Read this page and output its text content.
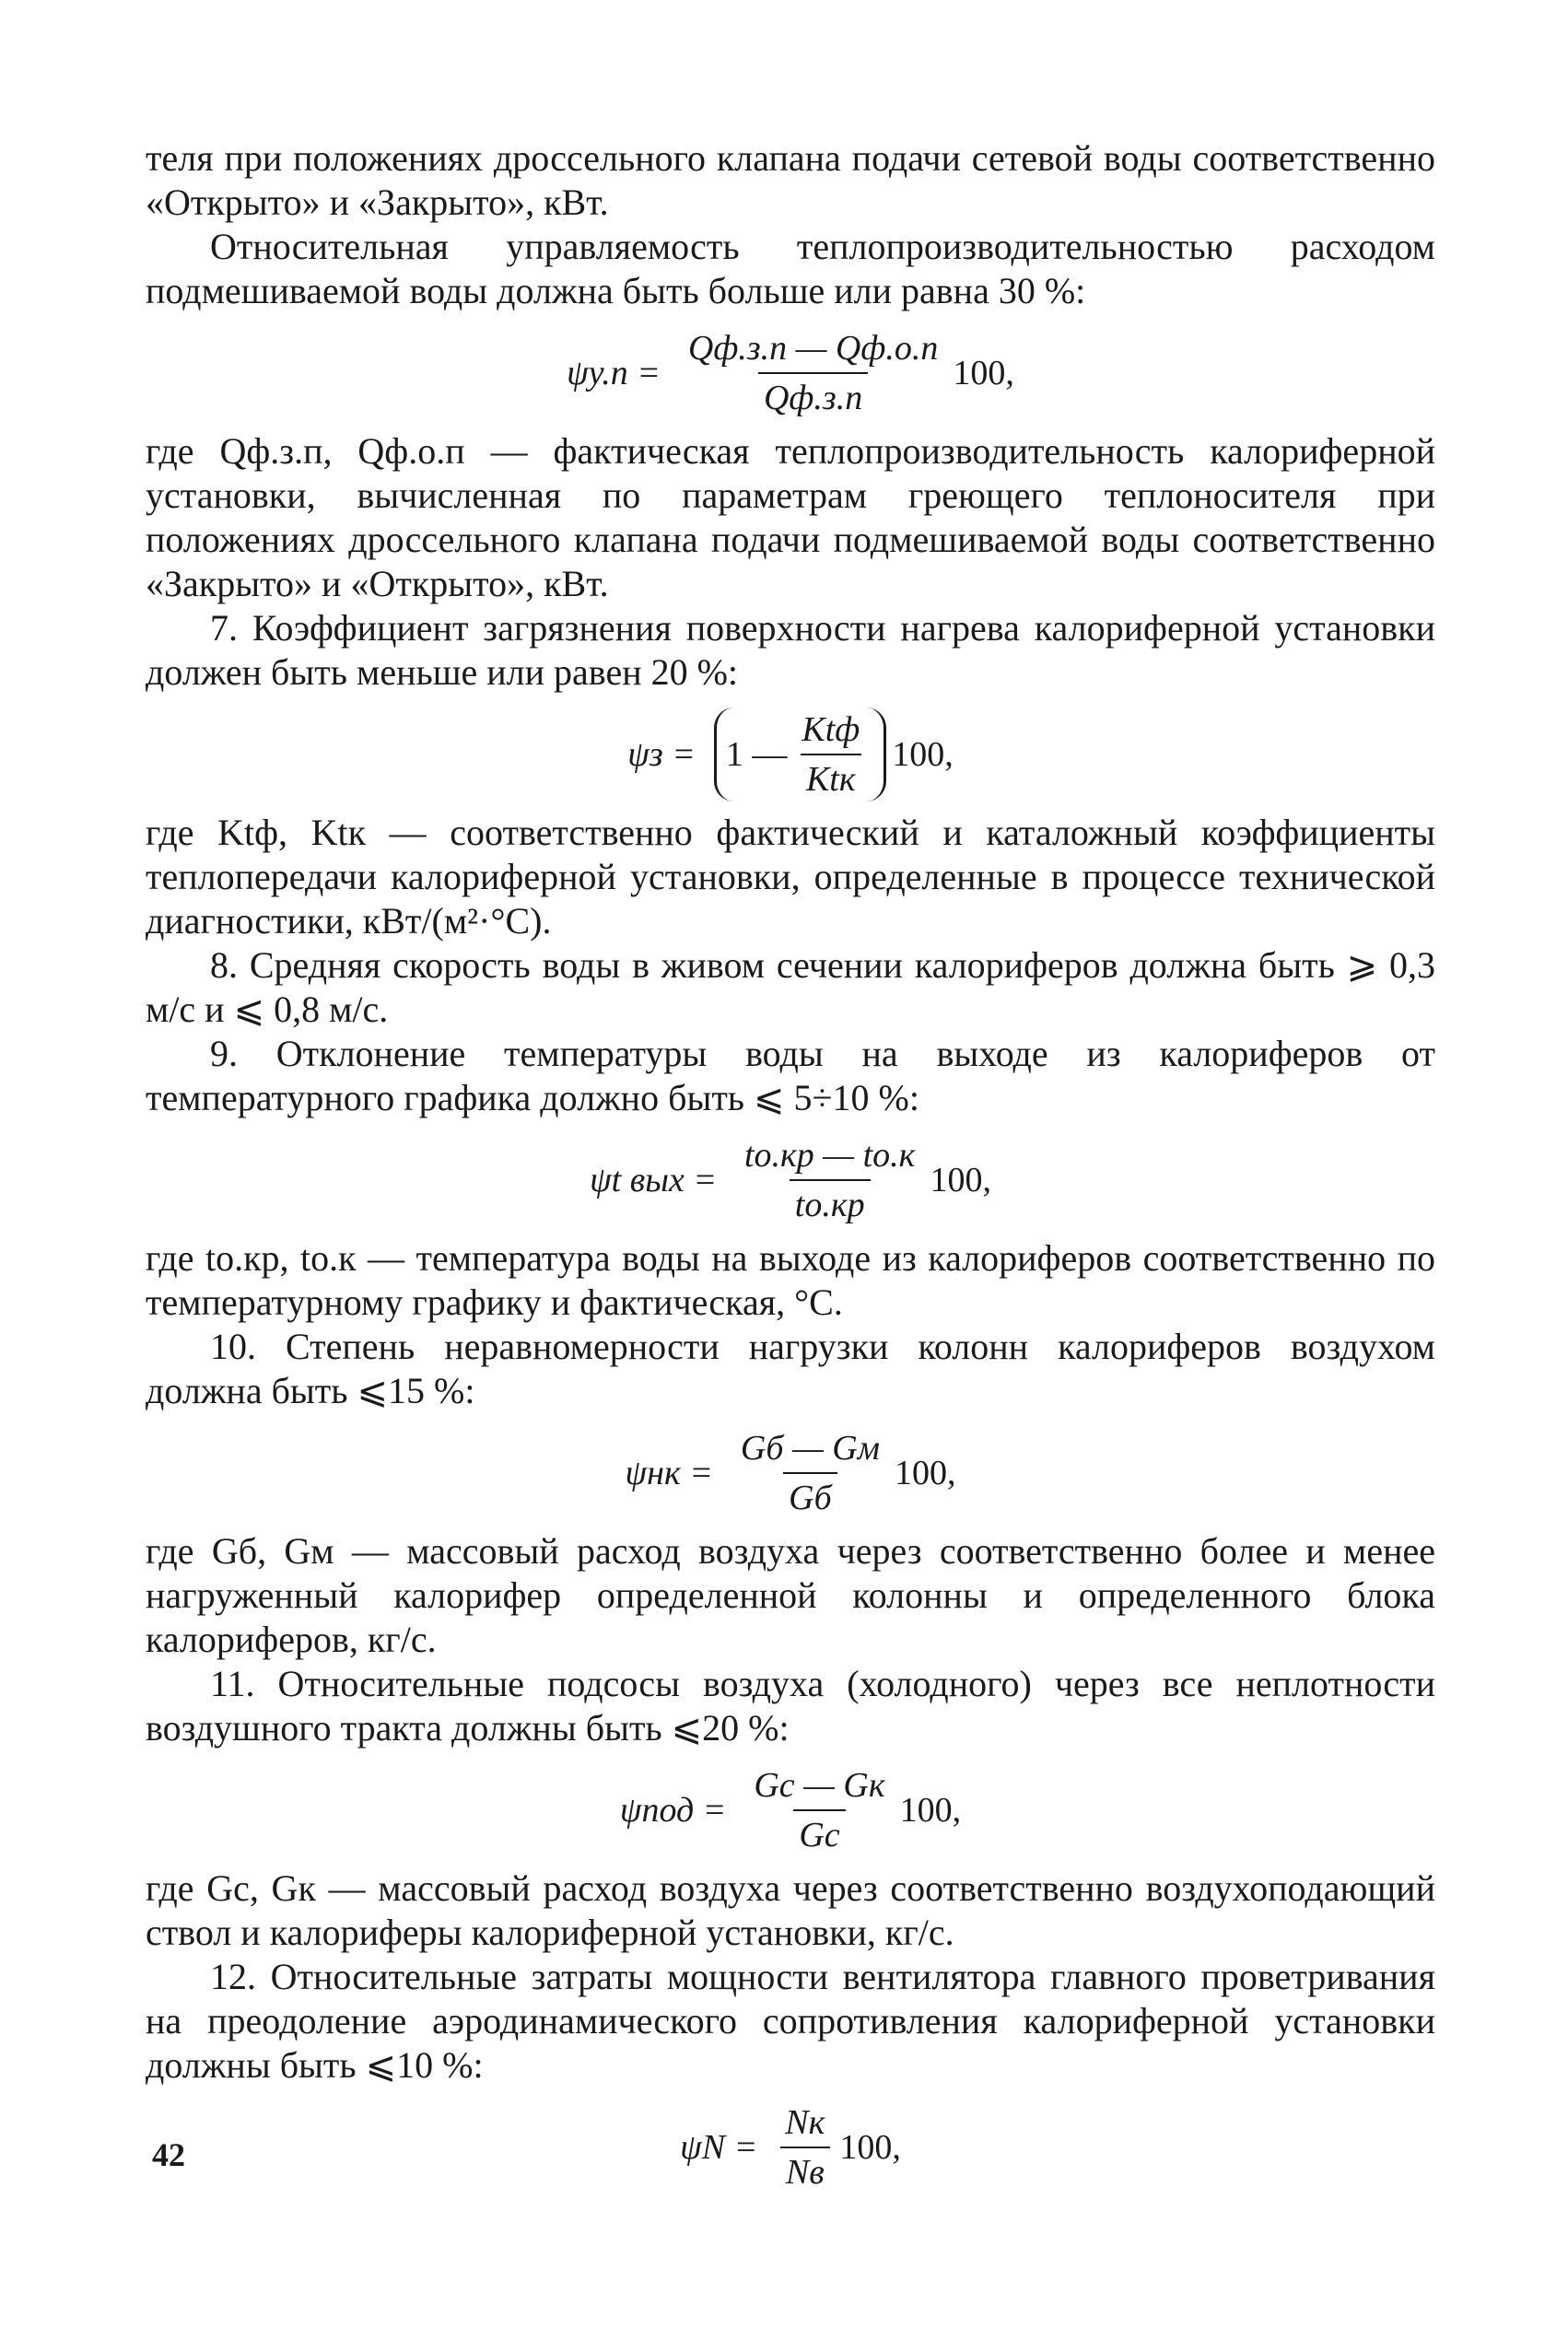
теля при положениях дроссельного клапана подачи сетевой воды соответственно «Открыто» и «Закрыто», кВт.

Относительная управляемость теплопроизводительностью расходом подмешиваемой воды должна быть больше или равна 30 %:

$\psi у.п = \frac{Qф.з.п — Qф.о.п}{Qф.з.п} 100$,

где Qф.з.п, Qф.о.п — фактическая теплопроизводительность калориферной установки, вычисленная по параметрам греющего теплоносителя при положениях дроссельного клапана подачи подмешиваемой воды соответственно «Закрыто» и «Открыто», кВт.

7. Коэффициент загрязнения поверхности нагрева калориферной установки должен быть меньше или равен 20 %:

ψз = 1 — $\frac{\text{Ktф}}{\text{Ktк}} 100$,

где Ktф, Ktк — соответственно фактический и каталожный коэффициенты теплопередачи калориферной установки, определенные в процессе технической диагностики, кВт/(м²·°С).

8. Средняя скорость воды в живом сечении калориферов должна быть ⩾ 0,3 м/с и ⩽ 0,8 м/с.

9. Отклонение температуры воды на выходе из калориферов от температурного графика должно быть ⩽ 5÷10 %:

ψt вых = $\frac{tо.кр — tо.к}{tо.кр} 100$,

где tо.кр, tо.к — температура воды на выходе из калориферов соответственно по температурному графику и фактическая, °С.

10. Степень неравномерности нагрузки колонн калориферов воздухом должна быть ⩽15 %:

$\psi нк = \frac{Gб — Gм}{Gб} 100$,

где Gб, Gм — массовый расход воздуха через соответственно более и менее нагруженный калорифер определенной колонны и определенного блока калориферов, кг/с.

11. Относительные подсосы воздуха (холодного) через все неплотности воздушного тракта должны быть ⩽20 %:

$\psi под = \frac{Gс — Gк}{Gс} 100$,

где Gс, Gк — массовый расход воздуха через соответственно воздухоподающий ствол и калориферы калориферной установки, кг/с.

12. Относительные затраты мощности вентилятора главного проветривания на преодоление аэродинамического сопротивления калориферной установки должны быть ⩽10 %:

$\psi N = \frac{Nк}{Nв} 100$,
42
